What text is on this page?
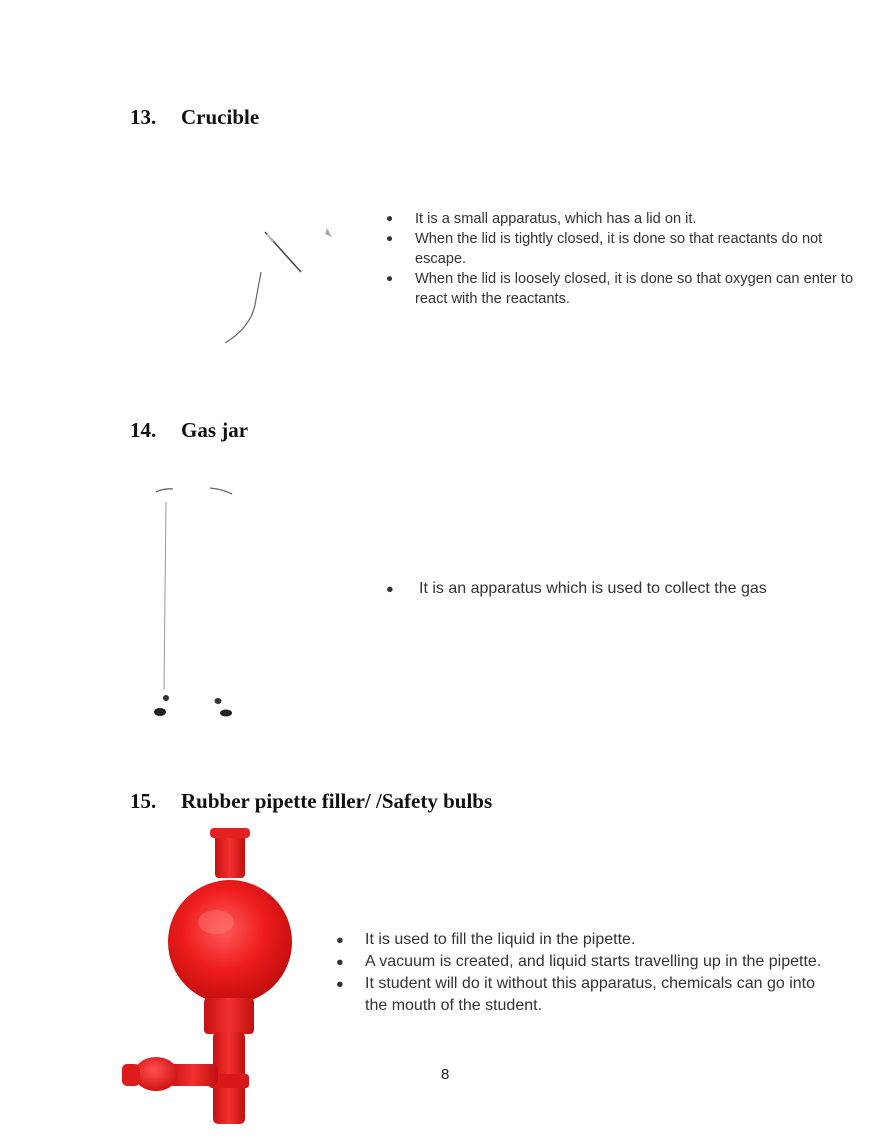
13. Crucible
● It is a small apparatus, which has a lid on it.
● When the lid is tightly closed, it is done so that reactants do not escape.
● When the lid is loosely closed, it is done so that oxygen can enter to react with the reactants.
14. Gas jar
● It is an apparatus which is used to collect the gas
15. Rubber pipette filler/ /Safety bulbs
● It is used to fill the liquid in the pipette.
● A vacuum is created, and liquid starts travelling up in the pipette.
● It student will do it without this apparatus, chemicals can go into the mouth of the student.
8
